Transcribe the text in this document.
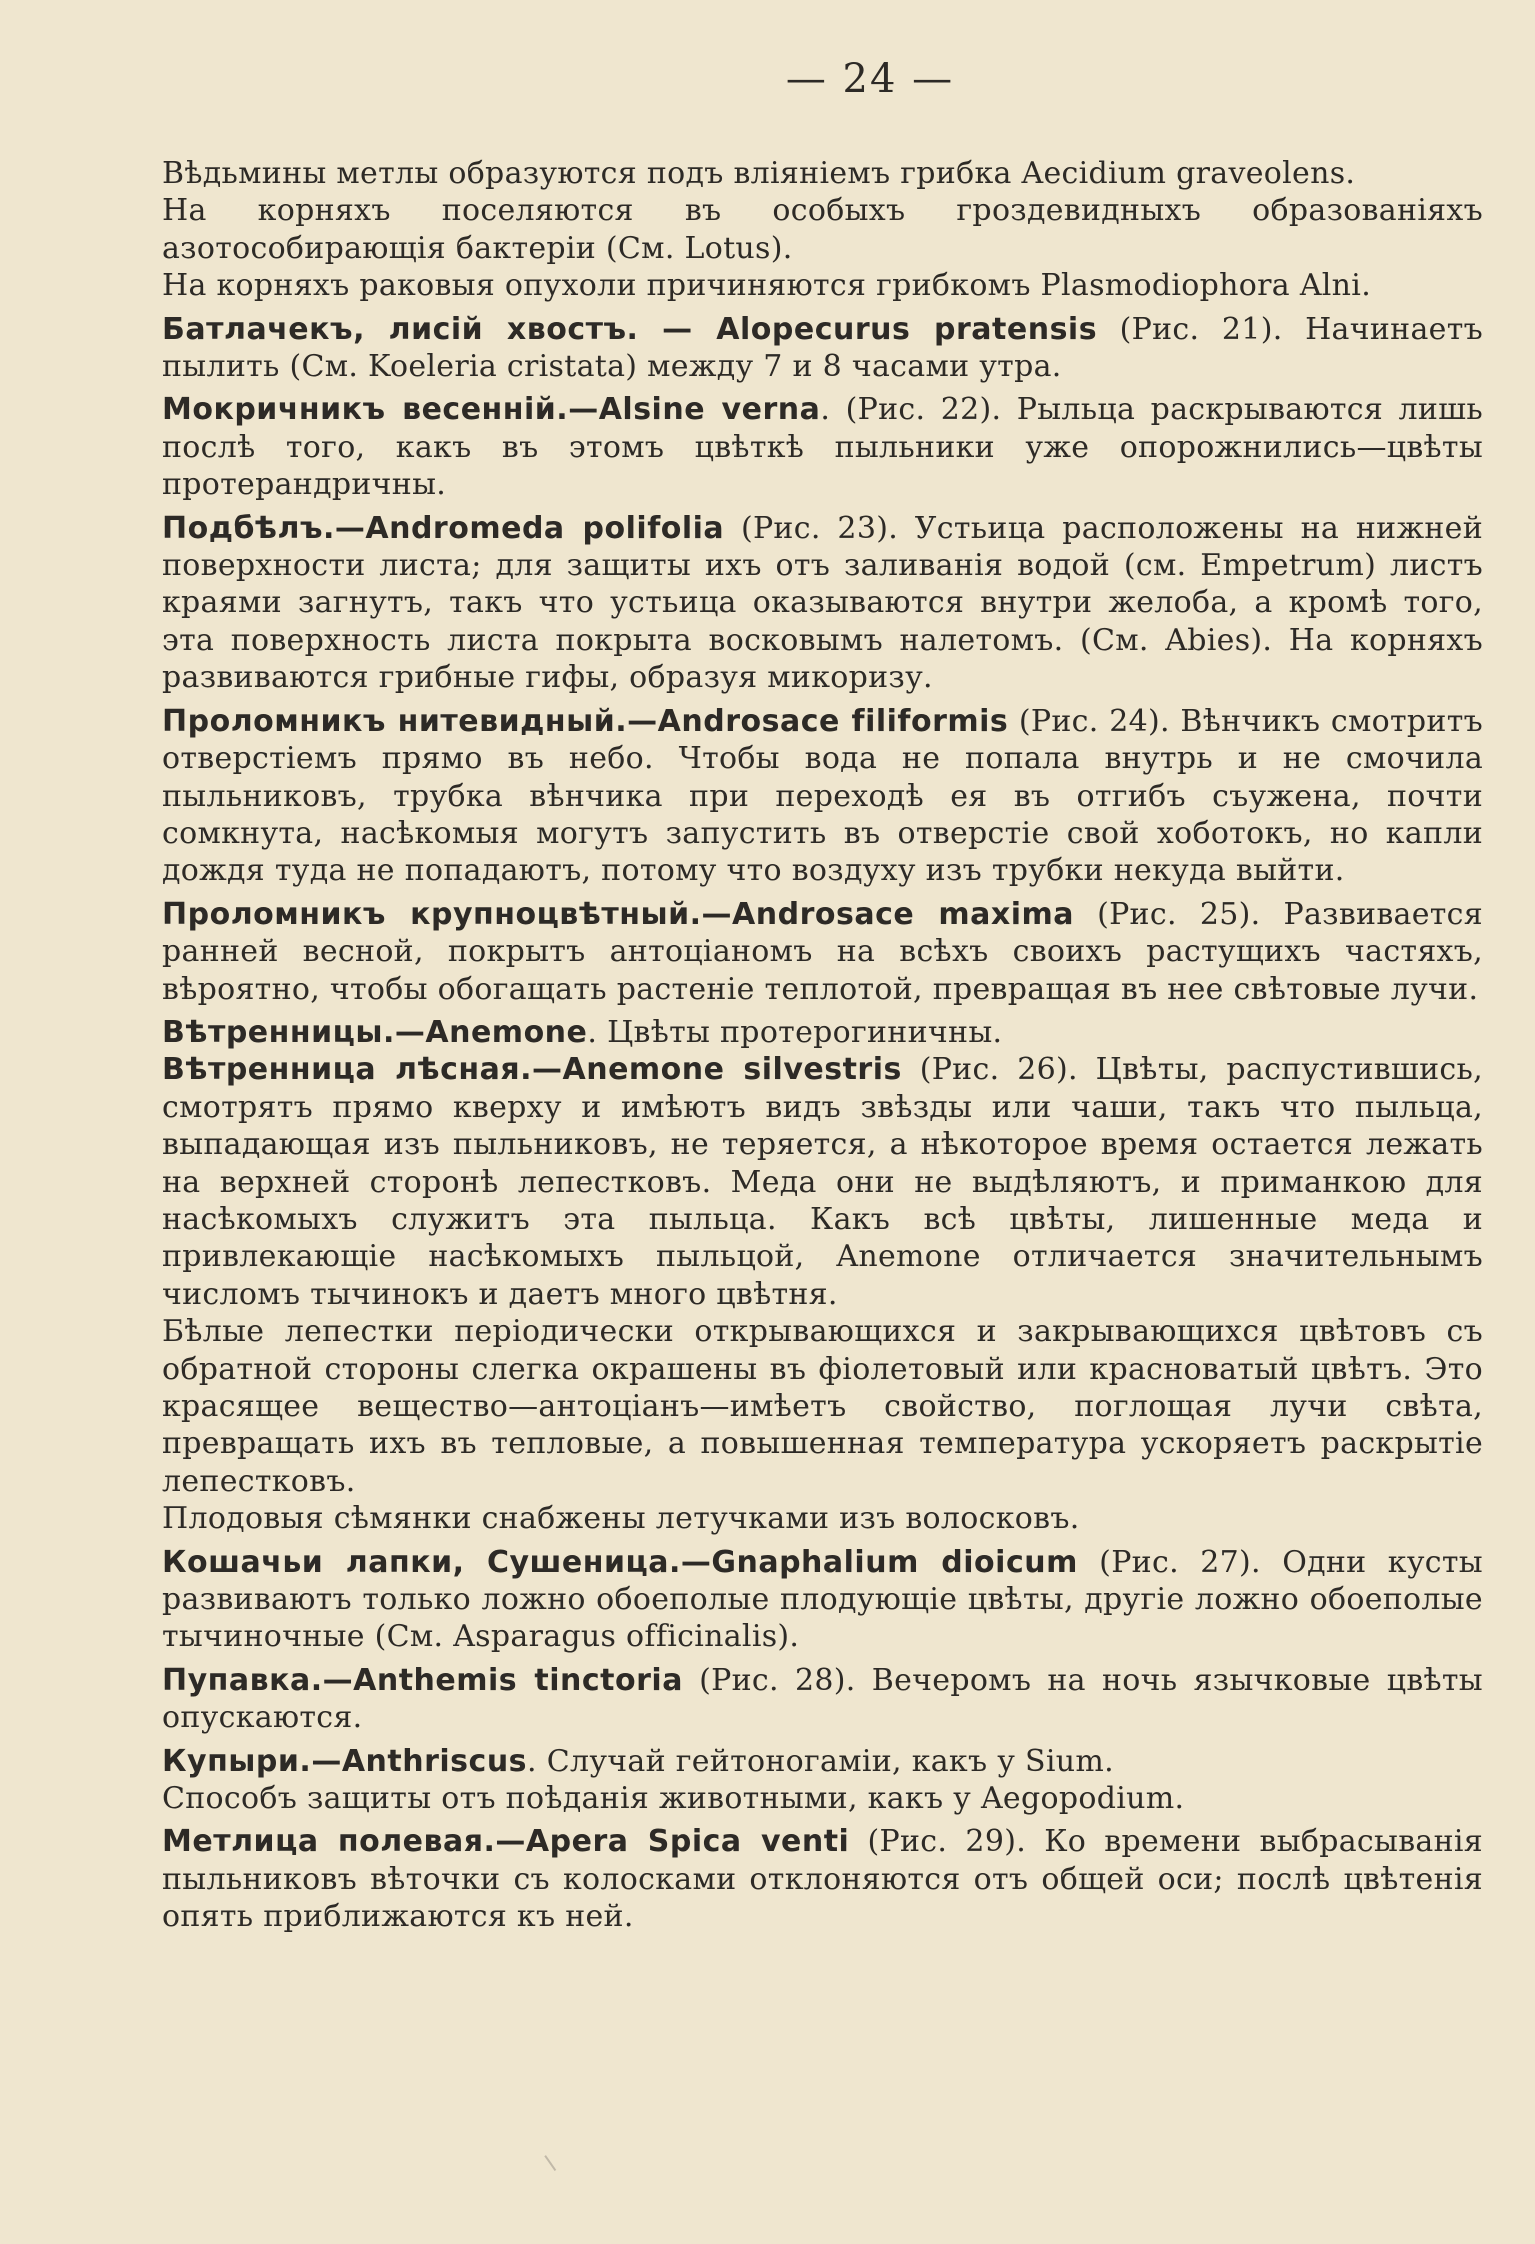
— 24 —

Вѣдьмины метлы образуются подъ вліяніемъ грибка Aecidium graveolens.

На корняхъ поселяются въ особыхъ гроздевидныхъ образованіяхъ азотособирающія бактеріи (См. Lotus).

На корняхъ раковыя опухоли причиняются грибкомъ Plasmodiophora Alni.

Батлачекъ, лисій хвостъ. — Alopecurus pratensis (Рис. 21). Начинаетъ пылить (См. Koeleria cristata) между 7 и 8 часами утра.

Мокричникъ весенній.—Alsine verna. (Рис. 22). Рыльца раскрываются лишь послѣ того, какъ въ этомъ цвѣткѣ пыльники уже опорожнились—цвѣты протерандричны.

Подбѣлъ.—Andromeda polifolia (Рис. 23). Устьица расположены на нижней поверхности листа; для защиты ихъ отъ заливанія водой (см. Empetrum) листъ краями загнутъ, такъ что устьица оказываются внутри желоба, а кромѣ того, эта поверхность листа покрыта восковымъ налетомъ. (См. Abies). На корняхъ развиваются грибные гифы, образуя микоризу.

Проломникъ нитевидный.—Androsace filiformis (Рис. 24). Вѣнчикъ смотритъ отверстіемъ прямо въ небо. Чтобы вода не попала внутрь и не смочила пыльниковъ, трубка вѣнчика при переходѣ ея въ отгибъ съужена, почти сомкнута, насѣкомыя могутъ запустить въ отверстіе свой хоботокъ, но капли дождя туда не попадаютъ, потому что воздуху изъ трубки некуда выйти.

Проломникъ крупноцвѣтный.—Androsace maxima (Рис. 25). Развивается ранней весной, покрытъ антоціаномъ на всѣхъ своихъ растущихъ частяхъ, вѣроятно, чтобы обогащать растеніе теплотой, превращая въ нее свѣтовые лучи.

Вѣтренницы.—Anemone. Цвѣты протерогиничны.

Вѣтренница лѣсная.—Anemone silvestris (Рис. 26). Цвѣты, распустившись, смотрятъ прямо кверху и имѣютъ видъ звѣзды или чаши, такъ что пыльца, выпадающая изъ пыльниковъ, не теряется, а нѣкоторое время остается лежать на верхней сторонѣ лепестковъ. Меда они не выдѣляютъ, и приманкою для насѣкомыхъ служитъ эта пыльца. Какъ всѣ цвѣты, лишенные меда и привлекающіе насѣкомыхъ пыльцой, Anemone отличается значительнымъ числомъ тычинокъ и даетъ много цвѣтня.

Бѣлые лепестки періодически открывающихся и закрывающихся цвѣтовъ съ обратной стороны слегка окрашены въ фіолетовый или красноватый цвѣтъ. Это красящее вещество—антоціанъ—имѣетъ свойство, поглощая лучи свѣта, превращать ихъ въ тепловые, а повышенная температура ускоряетъ раскрытіе лепестковъ.

Плодовыя сѣмянки снабжены летучками изъ волосковъ.

Кошачьи лапки, Сушеница.—Gnaphalium dioicum (Рис. 27). Одни кусты развиваютъ только ложно обоеполые плодующіе цвѣты, другіе ложно обоеполые тычиночные (См. Asparagus officinalis).

Пупавка.—Anthemis tinctoria (Рис. 28). Вечеромъ на ночь язычковые цвѣты опускаются.

Купыри.—Anthriscus. Случай гейтоногаміи, какъ у Sium.

Способъ защиты отъ поѣданія животными, какъ у Aegopodium.

Метлица полевая.—Apera Spica venti (Рис. 29). Ко времени выбрасыванія пыльниковъ вѣточки съ колосками отклоняются отъ общей оси; послѣ цвѣтенія опять приближаются къ ней.
